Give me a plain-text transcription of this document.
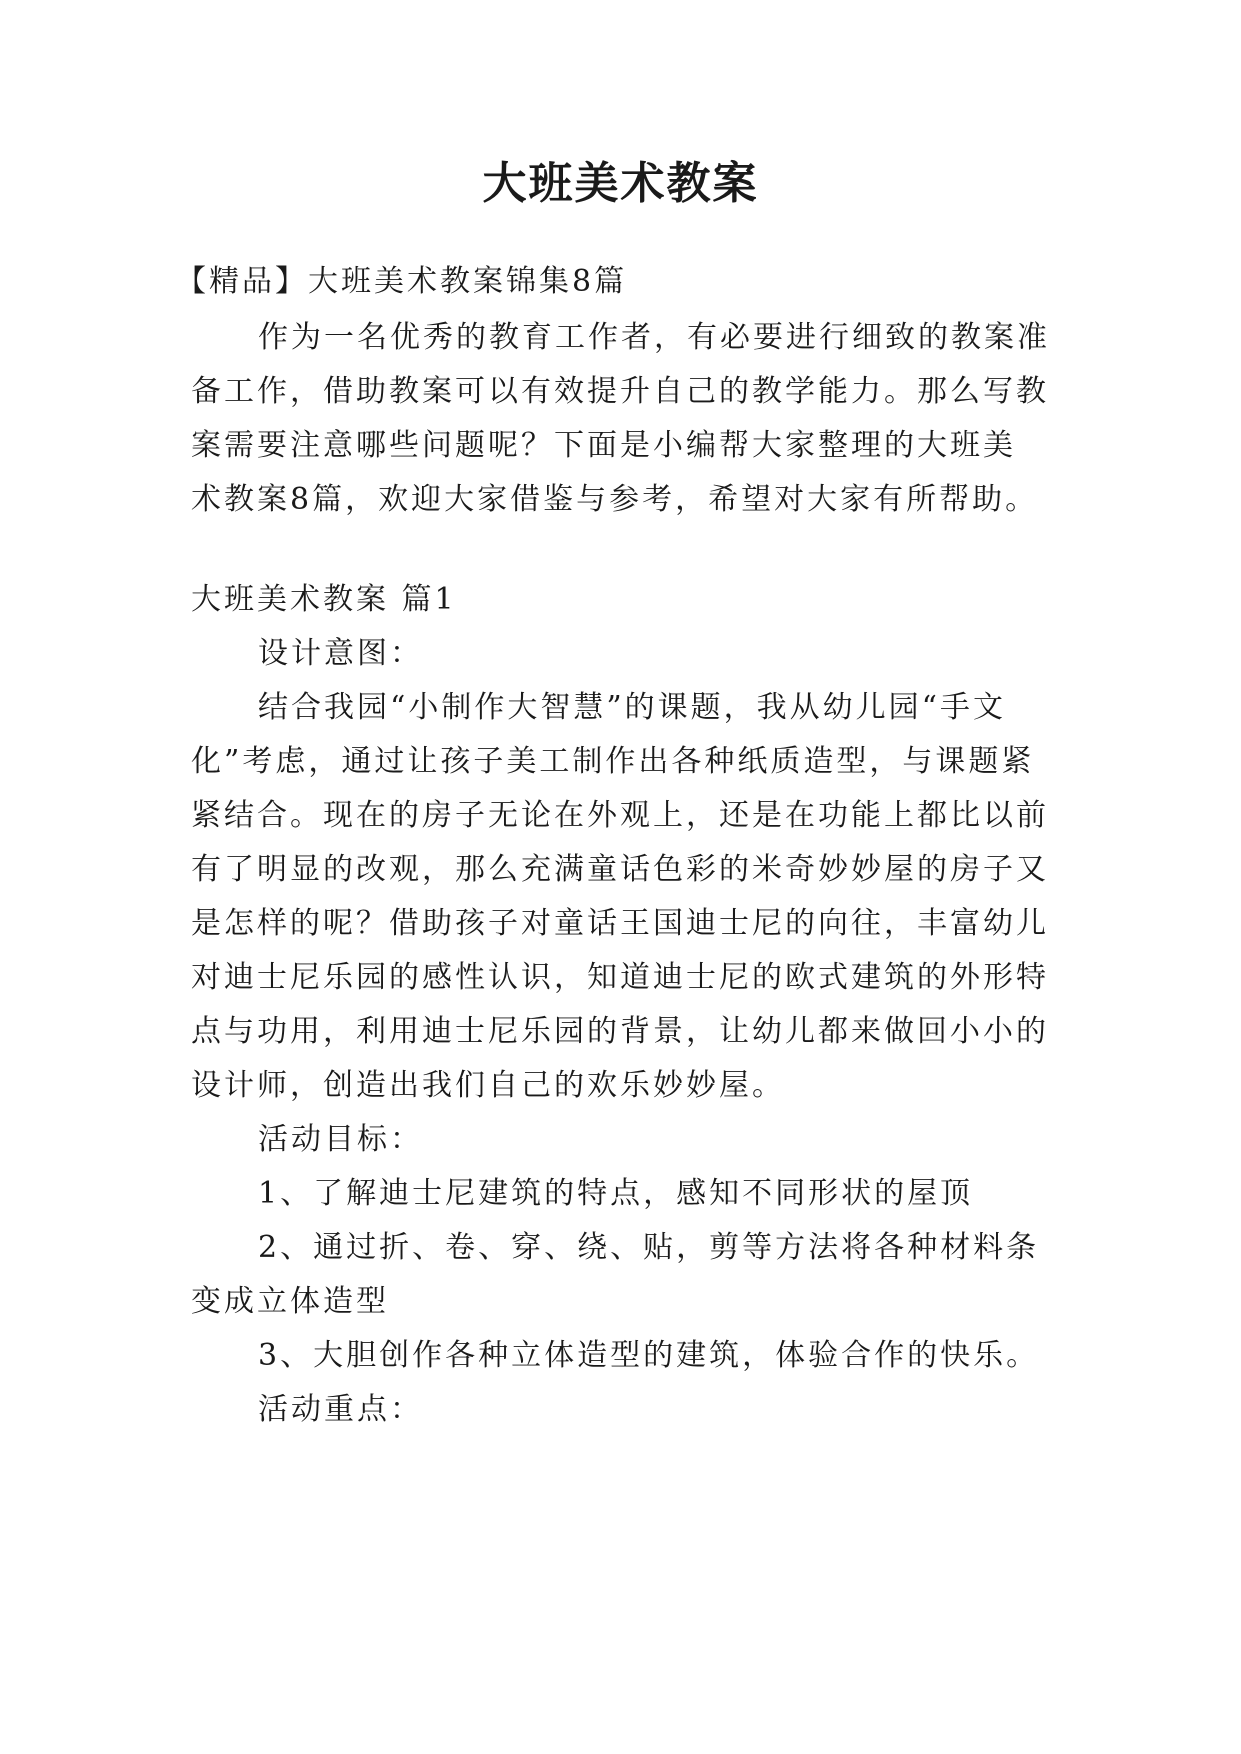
大班美术教案
【精品】大班美术教案锦集8篇
作为一名优秀的教育工作者，有必要进行细致的教案准
备工作，借助教案可以有效提升自己的教学能力。那么写教
案需要注意哪些问题呢？下面是小编帮大家整理的大班美
术教案8篇，欢迎大家借鉴与参考，希望对大家有所帮助。
大班美术教案 篇1
设计意图：
结合我园“小制作大智慧”的课题，我从幼儿园“手文
化”考虑，通过让孩子美工制作出各种纸质造型，与课题紧
紧结合。现在的房子无论在外观上，还是在功能上都比以前
有了明显的改观，那么充满童话色彩的米奇妙妙屋的房子又
是怎样的呢？借助孩子对童话王国迪士尼的向往，丰富幼儿
对迪士尼乐园的感性认识，知道迪士尼的欧式建筑的外形特
点与功用，利用迪士尼乐园的背景，让幼儿都来做回小小的
设计师，创造出我们自己的欢乐妙妙屋。
活动目标：
1、了解迪士尼建筑的特点，感知不同形状的屋顶
2、通过折、卷、穿、绕、贴，剪等方法将各种材料条
变成立体造型
3、大胆创作各种立体造型的建筑，体验合作的快乐。
活动重点：
